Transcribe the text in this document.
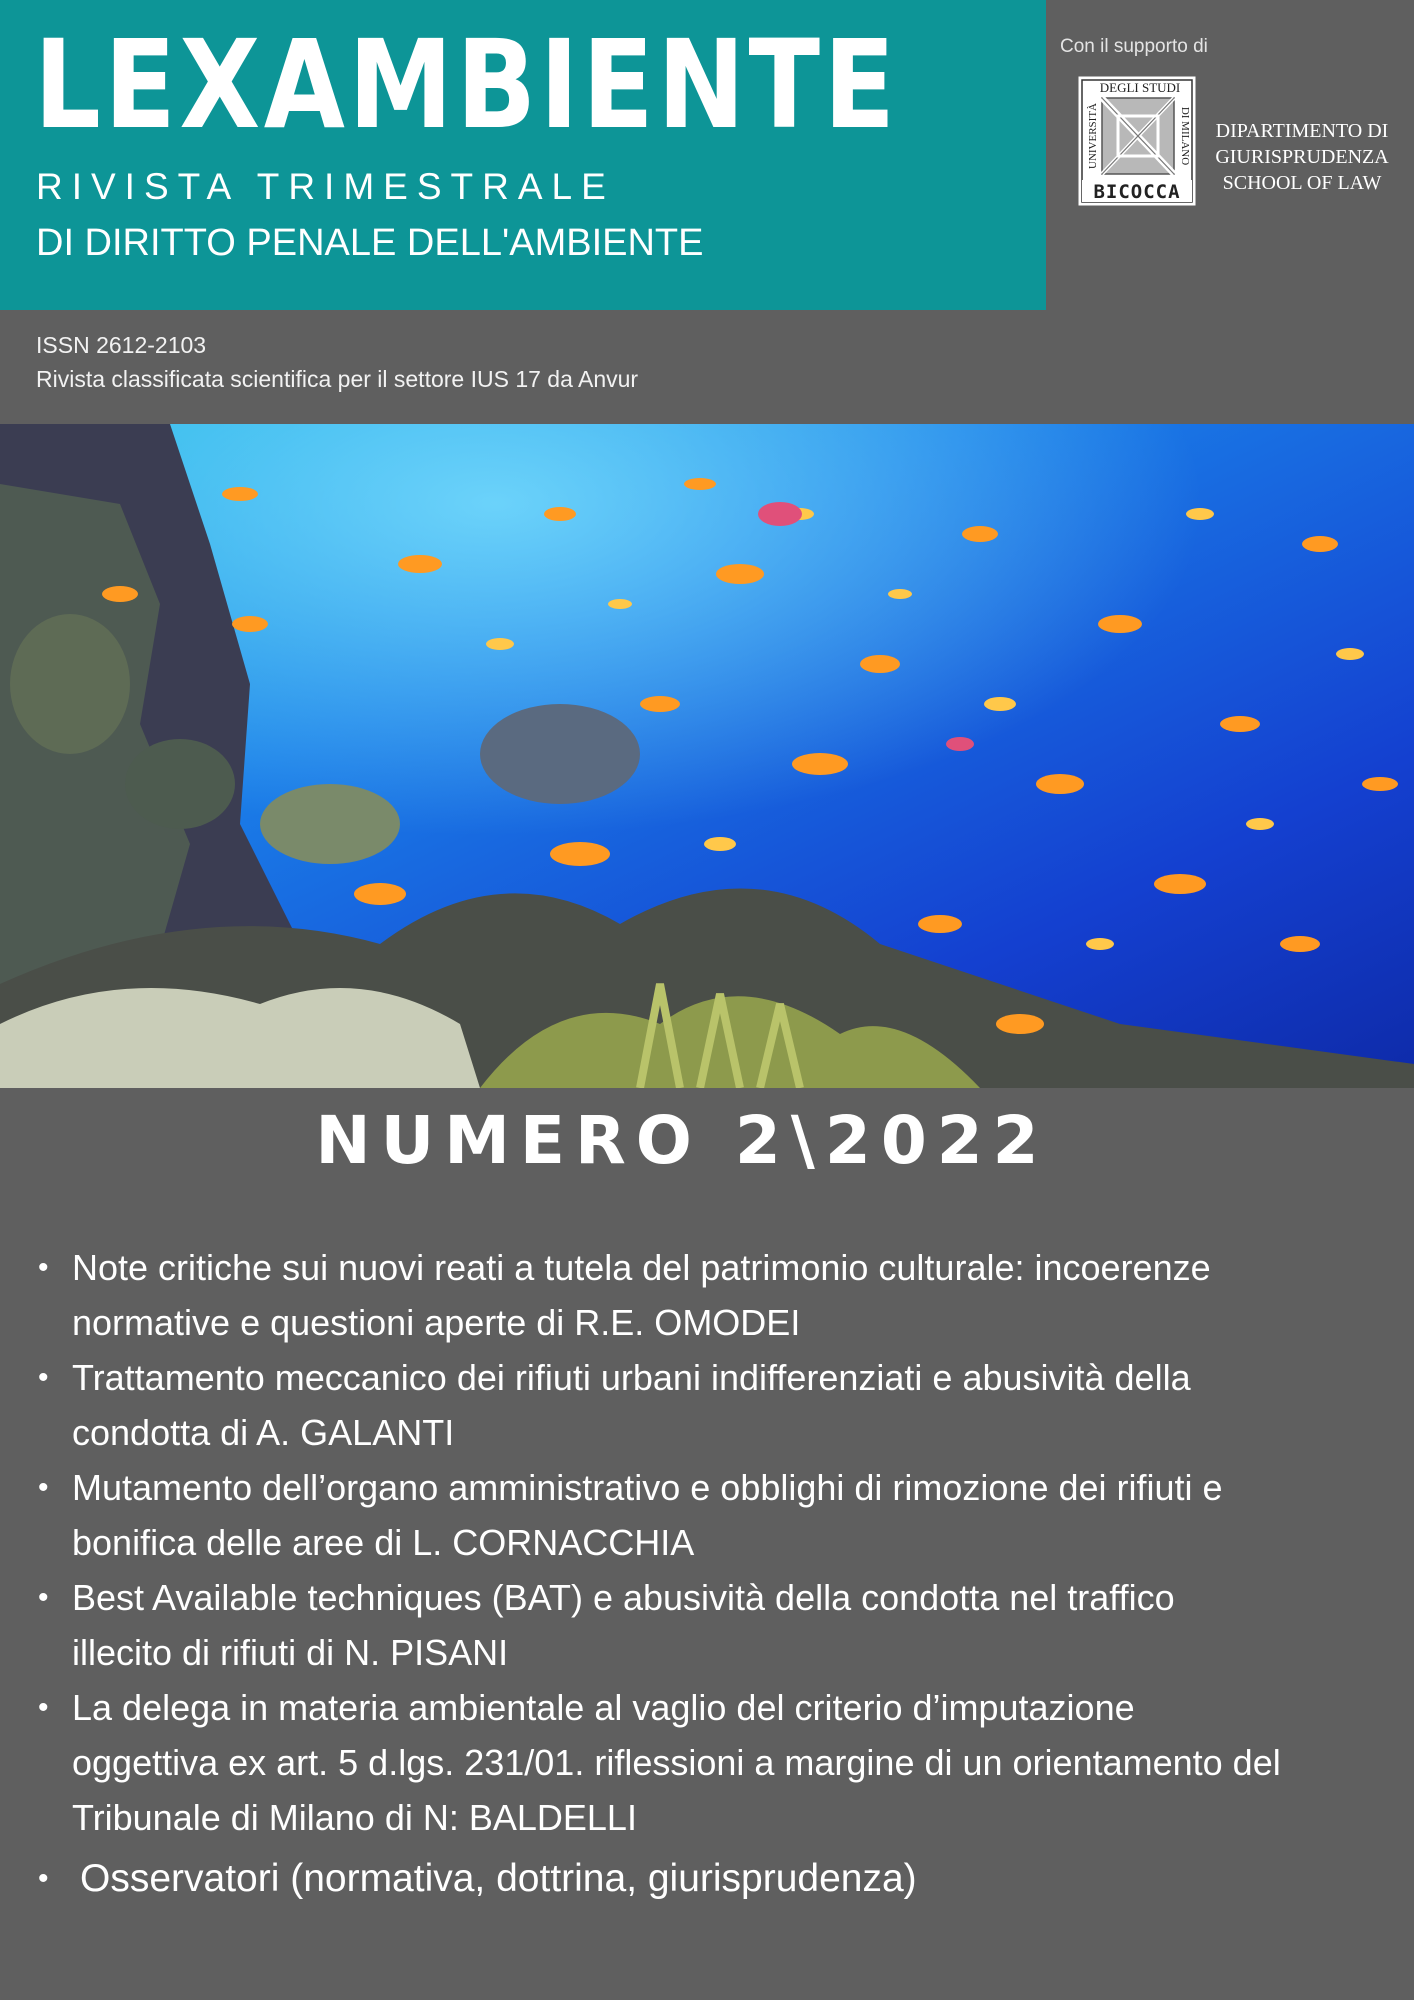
LEXAMBIENTE
RIVISTA TRIMESTRALE
DI DIRITTO PENALE DELL'AMBIENTE
Con il supporto di
DEGLI STUDI
UNIVERSITÀ	DI MILANO
BICOCCA
DIPARTIMENTO DI
GIURISPRUDENZA
SCHOOL OF LAW
ISSN 2612-2103
Rivista classificata scientifica per il settore IUS 17 da Anvur
NUMERO 2\2022
• Note critiche sui nuovi reati a tutela del patrimonio culturale: incoerenze
normative e questioni aperte di R.E. OMODEI
• Trattamento meccanico dei rifiuti urbani indifferenziati e abusività della
condotta di A. GALANTI
• Mutamento dell’organo amministrativo e obblighi di rimozione dei rifiuti e
bonifica delle aree di L. CORNACCHIA
• Best Available techniques (BAT) e abusività della condotta nel traffico
illecito di rifiuti di N. PISANI
• La delega in materia ambientale al vaglio del criterio d’imputazione
oggettiva ex art. 5 d.lgs. 231/01. riflessioni a margine di un orientamento del
Tribunale di Milano di N: BALDELLI
• Osservatori (normativa, dottrina, giurisprudenza)
